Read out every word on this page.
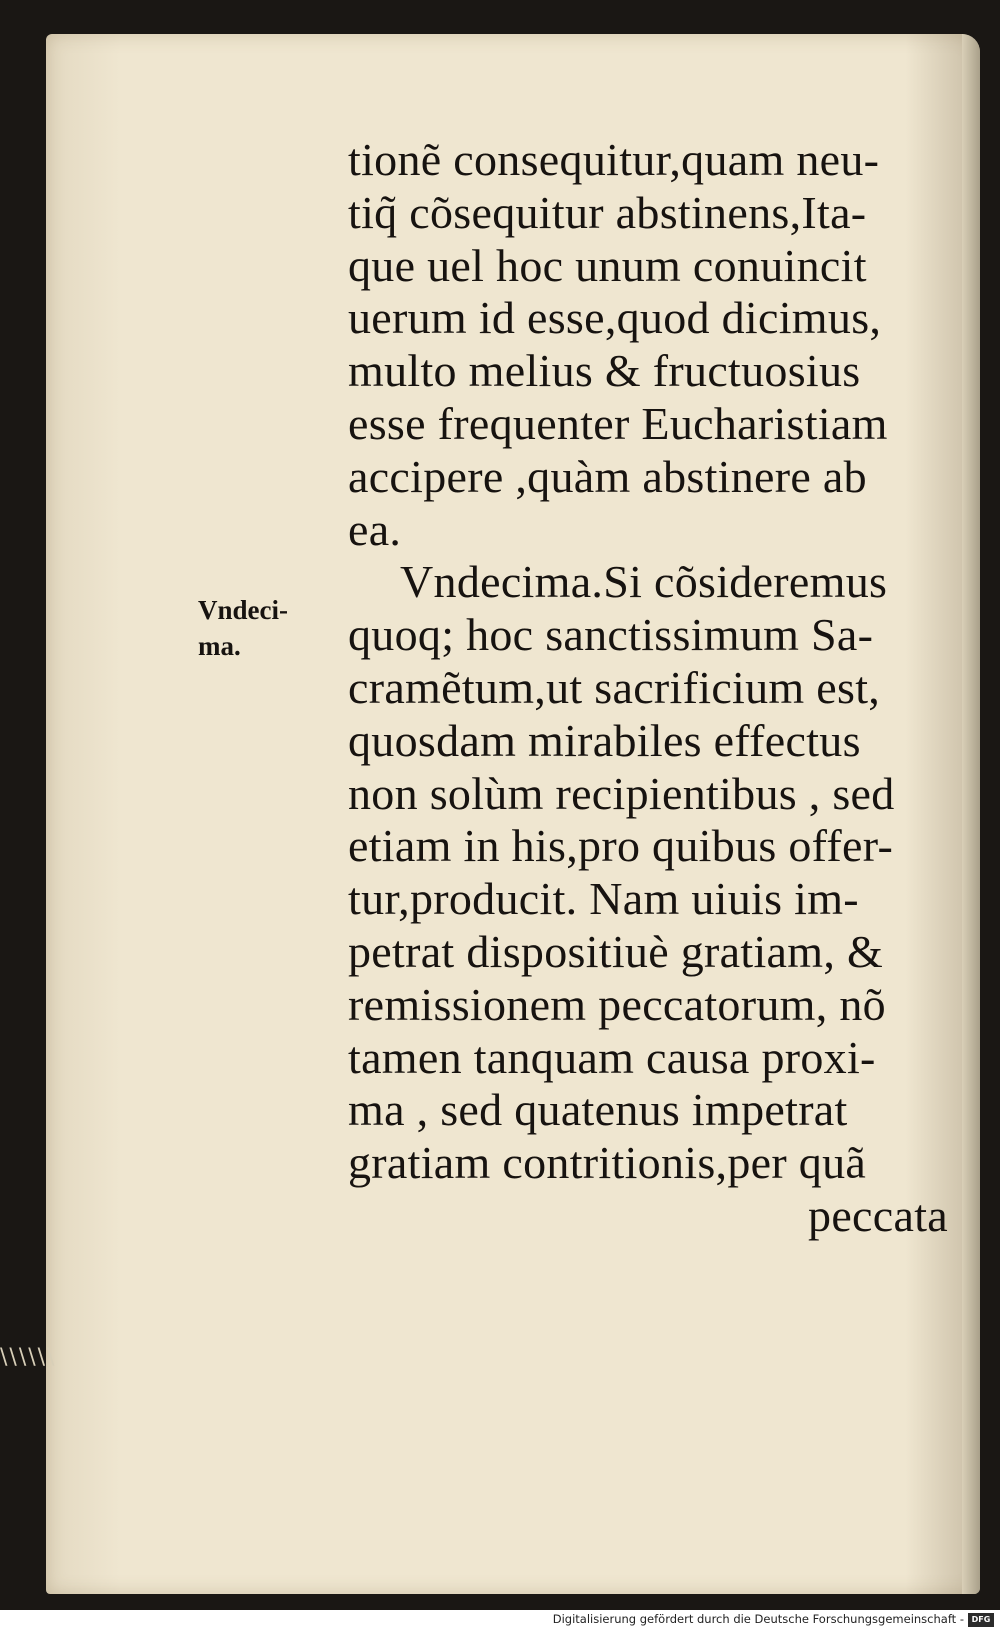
Vndeci-
ma.
tionẽ consequitur,quam neu-
tiq̃ cõsequitur abstinens,Ita-
que uel hoc unum conuincit
uerum id esse,quod dicimus,
multo melius & fructuosius
esse frequenter Eucharistiam
accipere ,quàm abstinere ab
ea.
Vndecima.Si cõsideremus
quoq; hoc sanctissimum Sa-
cramẽtum,ut sacrificium est,
quosdam mirabiles effectus
non solùm recipientibus , sed
etiam in his,pro quibus offer-
tur,producit. Nam uiuis im-
petrat dispositiuè gratiam, &
remissionem peccatorum, nõ
tamen tanquam causa proxi-
ma , sed quatenus impetrat
gratiam contritionis,per quã
peccata
\\\\\\
Digitalisierung gefördert durch die Deutsche Forschungsgemeinschaft - DFG
